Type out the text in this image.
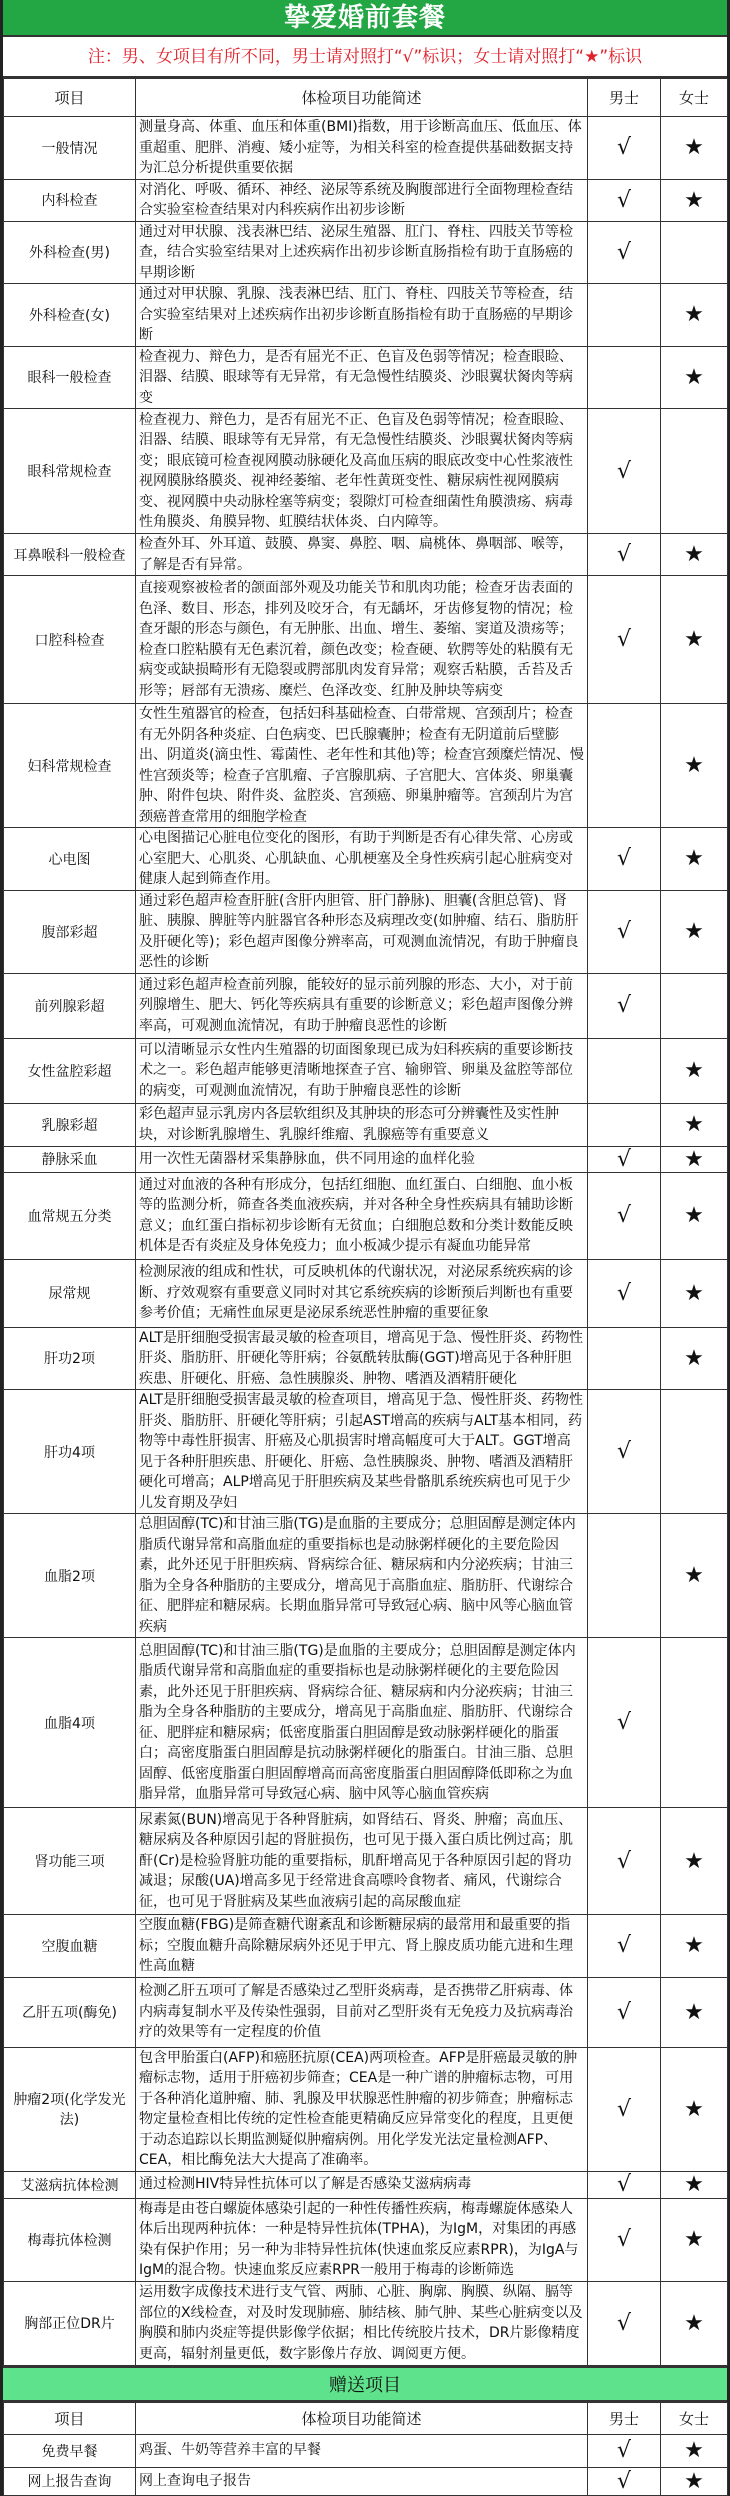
挚爱婚前套餐
注：男、女项目有所不同，男士请对照打“√”标识；女士请对照打“★”标识
项目	体检项目功能简述	男士	女士
一般情况	测量身高、体重、血压和体重(BMI)指数，用于诊断高血压、低血压、体重超重、肥胖、消瘦、矮小症等，为相关科室的检查提供基础数据支持为汇总分析提供重要依据	√	★
内科检查	对消化、呼吸、循环、神经、泌尿等系统及胸腹部进行全面物理检查结合实验室检查结果对内科疾病作出初步诊断	√	★
外科检查(男)	通过对甲状腺、浅表淋巴结、泌尿生殖器、肛门、脊柱、四肢关节等检查，结合实验室结果对上述疾病作出初步诊断直肠指检有助于直肠癌的早期诊断	√	
外科检查(女)	通过对甲状腺、乳腺、浅表淋巴结、肛门、脊柱、四肢关节等检查，结合实验室结果对上述疾病作出初步诊断直肠指检有助于直肠癌的早期诊断		★
眼科一般检查	检查视力、辩色力，是否有屈光不正、色盲及色弱等情况；检查眼睑、泪器、结膜、眼球等有无异常，有无急慢性结膜炎、沙眼翼状胬肉等病变		★
眼科常规检查	检查视力、辩色力，是否有屈光不正、色盲及色弱等情况；检查眼睑、泪器、结膜、眼球等有无异常，有无急慢性结膜炎、沙眼翼状胬肉等病变；眼底镜可检查视网膜动脉硬化及高血压病的眼底改变中心性浆液性视网膜脉络膜炎、视神经萎缩、老年性黄斑变性、糖尿病性视网膜病变、视网膜中央动脉栓塞等病变；裂隙灯可检查细菌性角膜溃疡、病毒性角膜炎、角膜异物、虹膜结状体炎、白内障等。	√	
耳鼻喉科一般检查	检查外耳、外耳道、鼓膜、鼻窦、鼻腔、咽、扁桃体、鼻咽部、喉等，了解是否有异常。	√	★
口腔科检查	直接观察被检者的颌面部外观及功能关节和肌肉功能；检查牙齿表面的色泽、数目、形态，排列及咬牙合，有无龋坏，牙齿修复物的情况；检查牙龈的形态与颜色，有无肿胀、出血、增生、萎缩、窦道及溃疡等；检查口腔粘膜有无色素沉着，颜色改变；检查硬、软腭等处的粘膜有无病变或缺损畸形有无隐裂或腭部肌肉发育异常；观察舌粘膜，舌苔及舌形等；唇部有无溃疡、糜烂、色泽改变、红肿及肿块等病变	√	★
妇科常规检查	女性生殖器官的检查，包括妇科基础检查、白带常规、宫颈刮片；检查有无外阴各种炎症、白色病变、巴氏腺囊肿；检查有无阴道前后壁膨出、阴道炎(滴虫性、霉菌性、老年性和其他)等；检查宫颈糜烂情况、慢性宫颈炎等；检查子宫肌瘤、子宫腺肌病、子宫肥大、宫体炎、卵巢囊肿、附件包块、附件炎、盆腔炎、宫颈癌、卵巢肿瘤等。宫颈刮片为宫颈癌普查常用的细胞学检查		★
心电图	心电图描记心脏电位变化的图形，有助于判断是否有心律失常、心房或心室肥大、心肌炎、心肌缺血、心肌梗塞及全身性疾病引起心脏病变对健康人起到筛查作用。	√	★
腹部彩超	通过彩色超声检查肝脏(含肝内胆管、肝门静脉)、胆囊(含胆总管)、肾脏、胰腺、脾脏等内脏器官各种形态及病理改变(如肿瘤、结石、脂肪肝及肝硬化等)；彩色超声图像分辨率高，可观测血流情况，有助于肿瘤良恶性的诊断	√	★
前列腺彩超	通过彩色超声检查前列腺，能较好的显示前列腺的形态、大小，对于前列腺增生、肥大、钙化等疾病具有重要的诊断意义；彩色超声图像分辨率高，可观测血流情况，有助于肿瘤良恶性的诊断	√	
女性盆腔彩超	可以清晰显示女性内生殖器的切面图象现已成为妇科疾病的重要诊断技术之一。彩色超声能够更清晰地探查子宫、输卵管、卵巢及盆腔等部位的病变，可观测血流情况，有助于肿瘤良恶性的诊断		★
乳腺彩超	彩色超声显示乳房内各层软组织及其肿块的形态可分辨囊性及实性肿块，对诊断乳腺增生、乳腺纤维瘤、乳腺癌等有重要意义		★
静脉采血	用一次性无菌器材采集静脉血，供不同用途的血样化验	√	★
血常规五分类	通过对血液的各种有形成分，包括红细胞、血红蛋白、白细胞、血小板等的监测分析，筛查各类血液疾病，并对各种全身性疾病具有辅助诊断意义；血红蛋白指标初步诊断有无贫血；白细胞总数和分类计数能反映机体是否有炎症及身体免疫力；血小板减少提示有凝血功能异常	√	★
尿常规	检测尿液的组成和性状，可反映机体的代谢状况，对泌尿系统疾病的诊断、疗效观察有重要意义同时对其它系统疾病的诊断预后判断也有重要参考价值；无痛性血尿更是泌尿系统恶性肿瘤的重要征象	√	★
肝功2项	ALT是肝细胞受损害最灵敏的检查项目，增高见于急、慢性肝炎、药物性肝炎、脂肪肝、肝硬化等肝病；谷氨酰转肽酶(GGT)增高见于各种肝胆疾患、肝硬化、肝癌、急性胰腺炎、肿物、嗜酒及酒精肝硬化		★
肝功4项	ALT是肝细胞受损害最灵敏的检查项目，增高见于急、慢性肝炎、药物性肝炎、脂肪肝、肝硬化等肝病；引起AST增高的疾病与ALT基本相同，药物等中毒性肝损害、肝癌及心肌损害时增高幅度可大于ALT。GGT增高见于各种肝胆疾患、肝硬化、肝癌、急性胰腺炎、肿物、嗜酒及酒精肝硬化可增高；ALP增高见于肝胆疾病及某些骨骼肌系统疾病也可见于少儿发育期及孕妇	√	
血脂2项	总胆固醇(TC)和甘油三脂(TG)是血脂的主要成分；总胆固醇是测定体内脂质代谢异常和高脂血症的重要指标也是动脉粥样硬化的主要危险因素，此外还见于肝胆疾病、肾病综合征、糖尿病和内分泌疾病；甘油三脂为全身各种脂肪的主要成分，增高见于高脂血症、脂肪肝、代谢综合征、肥胖症和糖尿病。长期血脂异常可导致冠心病、脑中风等心脑血管疾病		★
血脂4项	总胆固醇(TC)和甘油三脂(TG)是血脂的主要成分；总胆固醇是测定体内脂质代谢异常和高脂血症的重要指标也是动脉粥样硬化的主要危险因素，此外还见于肝胆疾病、肾病综合征、糖尿病和内分泌疾病；甘油三脂为全身各种脂肪的主要成分，增高见于高脂血症、脂肪肝、代谢综合征、肥胖症和糖尿病；低密度脂蛋白胆固醇是致动脉粥样硬化的脂蛋白；高密度脂蛋白胆固醇是抗动脉粥样硬化的脂蛋白。甘油三脂、总胆固醇、低密度脂蛋白胆固醇增高而高密度脂蛋白胆固醇降低即称之为血脂异常，血脂异常可导致冠心病、脑中风等心脑血管疾病	√	
肾功能三项	尿素氮(BUN)增高见于各种肾脏病，如肾结石、肾炎、肿瘤；高血压、糖尿病及各种原因引起的肾脏损伤，也可见于摄入蛋白质比例过高；肌酐(Cr)是检验肾脏功能的重要指标，肌酐增高见于各种原因引起的肾功减退；尿酸(UA)增高多见于经常进食高嘌呤食物者、痛风，代谢综合征，也可见于肾脏病及某些血液病引起的高尿酸血症	√	★
空腹血糖	空腹血糖(FBG)是筛查糖代谢紊乱和诊断糖尿病的最常用和最重要的指标；空腹血糖升高除糖尿病外还见于甲亢、肾上腺皮质功能亢进和生理性高血糖	√	★
乙肝五项(酶免)	检测乙肝五项可了解是否感染过乙型肝炎病毒，是否携带乙肝病毒、体内病毒复制水平及传染性强弱，目前对乙型肝炎有无免疫力及抗病毒治疗的效果等有一定程度的价值	√	★
肿瘤2项(化学发光法)	包含甲胎蛋白(AFP)和癌胚抗原(CEA)两项检查。AFP是肝癌最灵敏的肿瘤标志物，适用于肝癌初步筛查；CEA是一种广谱的肿瘤标志物，可用于各种消化道肿瘤、肺、乳腺及甲状腺恶性肿瘤的初步筛查；肿瘤标志物定量检查相比传统的定性检查能更精确反应异常变化的程度，且更便于动态追踪以长期监测疑似肿瘤病例。用化学发光法定量检测AFP、CEA，相比酶免法大大提高了准确率。	√	★
艾滋病抗体检测	通过检测HIV特异性抗体可以了解是否感染艾滋病病毒	√	★
梅毒抗体检测	梅毒是由苍白螺旋体感染引起的一种性传播性疾病，梅毒螺旋体感染人体后出现两种抗体：一种是特异性抗体(TPHA)，为IgM，对集团的再感染有保护作用；另一种为非特异性抗体(快速血浆反应素RPR)，为IgA与IgM的混合物。快速血浆反应素RPR一般用于梅毒的诊断筛选	√	★
胸部正位DR片	运用数字成像技术进行支气管、两肺、心脏、胸廓、胸膜、纵隔、膈等部位的X线检查，对及时发现肺癌、肺结核、肺气肿、某些心脏病变以及胸膜和肺内炎症等提供影像学依据；相比传统胶片技术，DR片影像精度更高，辐射剂量更低，数字影像片存放、调阅更方便。	√	★
赠送项目
项目	体检项目功能简述	男士	女士
免费早餐	鸡蛋、牛奶等营养丰富的早餐	√	★
网上报告查询	网上查询电子报告	√	★
